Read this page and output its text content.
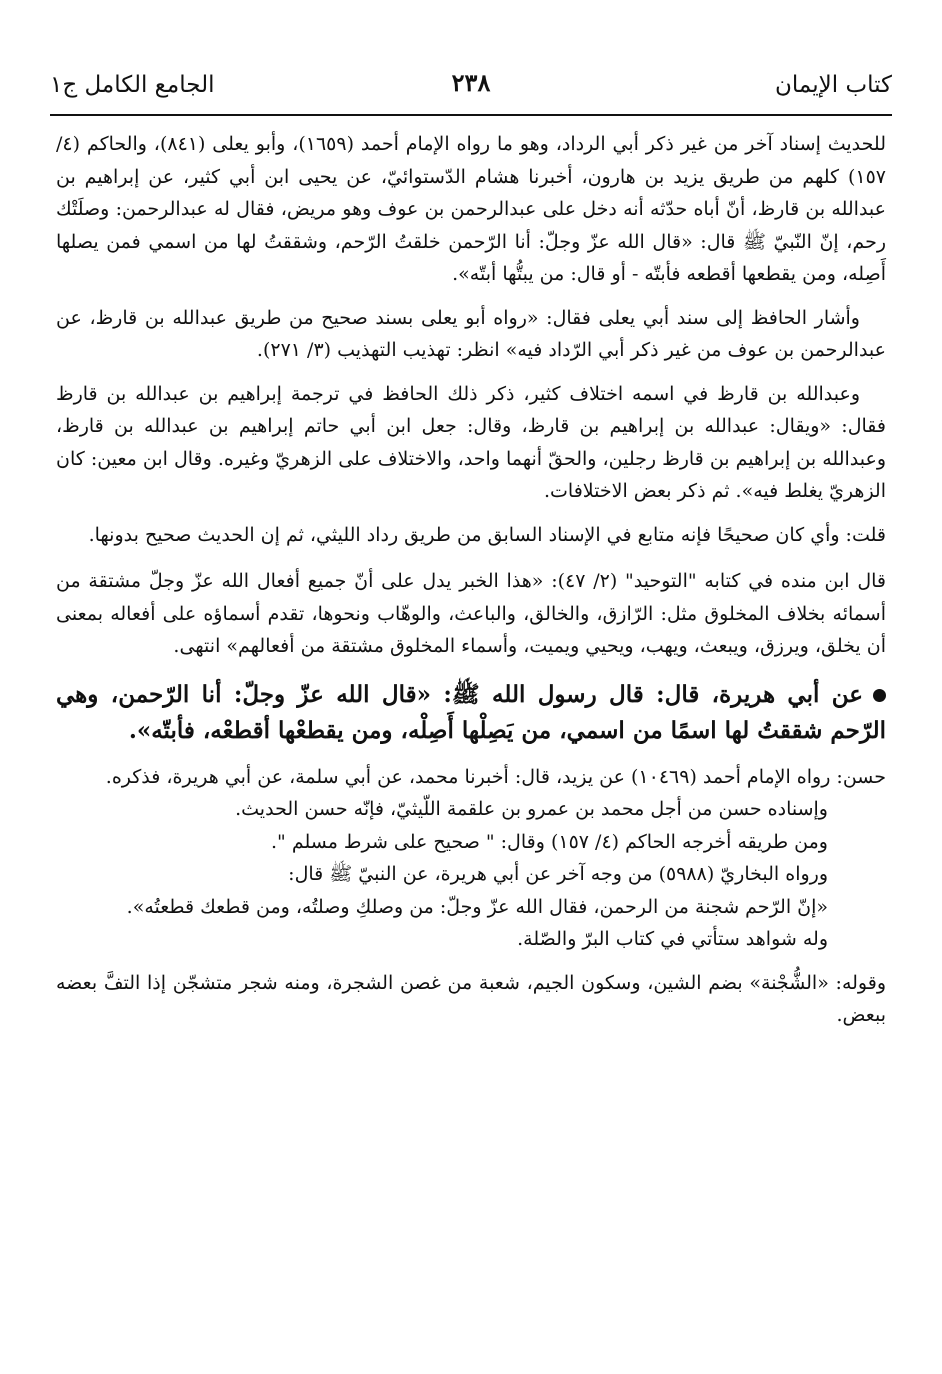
كتاب الإيمان
٢٣٨
الجامع الكامل ج١

للحديث إسناد آخر من غير ذكر أبي الرداد، وهو ما رواه الإمام أحمد (١٦٥٩)، وأبو يعلى (٨٤١)، والحاكم (٤/ ١٥٧) كلهم من طريق يزيد بن هارون، أخبرنا هشام الدّستوائيّ، عن يحيى ابن أبي كثير، عن إبراهيم بن عبدالله بن قارظ، أنّ أباه حدّثه أنه دخل على عبدالرحمن بن عوف وهو مريض، فقال له عبدالرحمن: وصلَتْك رحم، إنّ النّبيّ ﷺ قال: «قال الله عزّ وجلّ: أنا الرّحمن خلقتُ الرّحم، وشققتُ لها من اسمي فمن يصلها أَصِله، ومن يقطعها أقطعه فأبتّه - أو قال: من يبتُّها أبتّه».

وأشار الحافظ إلى سند أبي يعلى فقال: «رواه أبو يعلى بسند صحيح من طريق عبدالله بن قارظ، عن عبدالرحمن بن عوف من غير ذكر أبي الرّداد فيه» انظر: تهذيب التهذيب (٣/ ٢٧١).

وعبدالله بن قارظ في اسمه اختلاف كثير، ذكر ذلك الحافظ في ترجمة إبراهيم بن عبدالله بن قارظ فقال: «ويقال: عبدالله بن إبراهيم بن قارظ، وقال: جعل ابن أبي حاتم إبراهيم بن عبدالله بن قارظ، وعبدالله بن إبراهيم بن قارظ رجلين، والحقّ أنهما واحد، والاختلاف على الزهريّ وغيره. وقال ابن معين: كان الزهريّ يغلط فيه». ثم ذكر بعض الاختلافات.

قلت: وأي كان صحيحًا فإنه متابع في الإسناد السابق من طريق رداد الليثي، ثم إن الحديث صحيح بدونها.

قال ابن منده في كتابه "التوحيد" (٢/ ٤٧): «هذا الخبر يدل على أنّ جميع أفعال الله عزّ وجلّ مشتقة من أسمائه بخلاف المخلوق مثل: الرّازق، والخالق، والباعث، والوهّاب ونحوها، تقدم أسماؤه على أفعاله بمعنى أن يخلق، ويرزق، ويبعث، ويهب، ويحيي ويميت، وأسماء المخلوق مشتقة من أفعالهم» انتهى.

عن أبي هريرة، قال: قال رسول الله ﷺ: «قال الله عزّ وجلّ: أنا الرّحمن، وهي الرّحم شققتُ لها اسمًا من اسمي، من يَصِلْها أَصِلْه، ومن يقطعْها أقطعْه، فأبتّه».

حسن: رواه الإمام أحمد (١٠٤٦٩) عن يزيد، قال: أخبرنا محمد، عن أبي سلمة، عن أبي هريرة، فذكره.

وإسناده حسن من أجل محمد بن عمرو بن علقمة اللّيثيّ، فإنّه حسن الحديث.

ومن طريقه أخرجه الحاكم (٤/ ١٥٧) وقال: " صحيح على شرط مسلم ".

ورواه البخاريّ (٥٩٨٨) من وجه آخر عن أبي هريرة، عن النبيّ ﷺ قال:

«إنّ الرّحم شجنة من الرحمن، فقال الله عزّ وجلّ: من وصلكِ وصلتُه، ومن قطعك قطعتُه».

وله شواهد ستأتي في كتاب البرّ والصّلة.

وقوله: «الشُّجْنة» بضم الشين، وسكون الجيم، شعبة من غصن الشجرة، ومنه شجر متشجّن إذا التفَّ بعضه ببعض.
